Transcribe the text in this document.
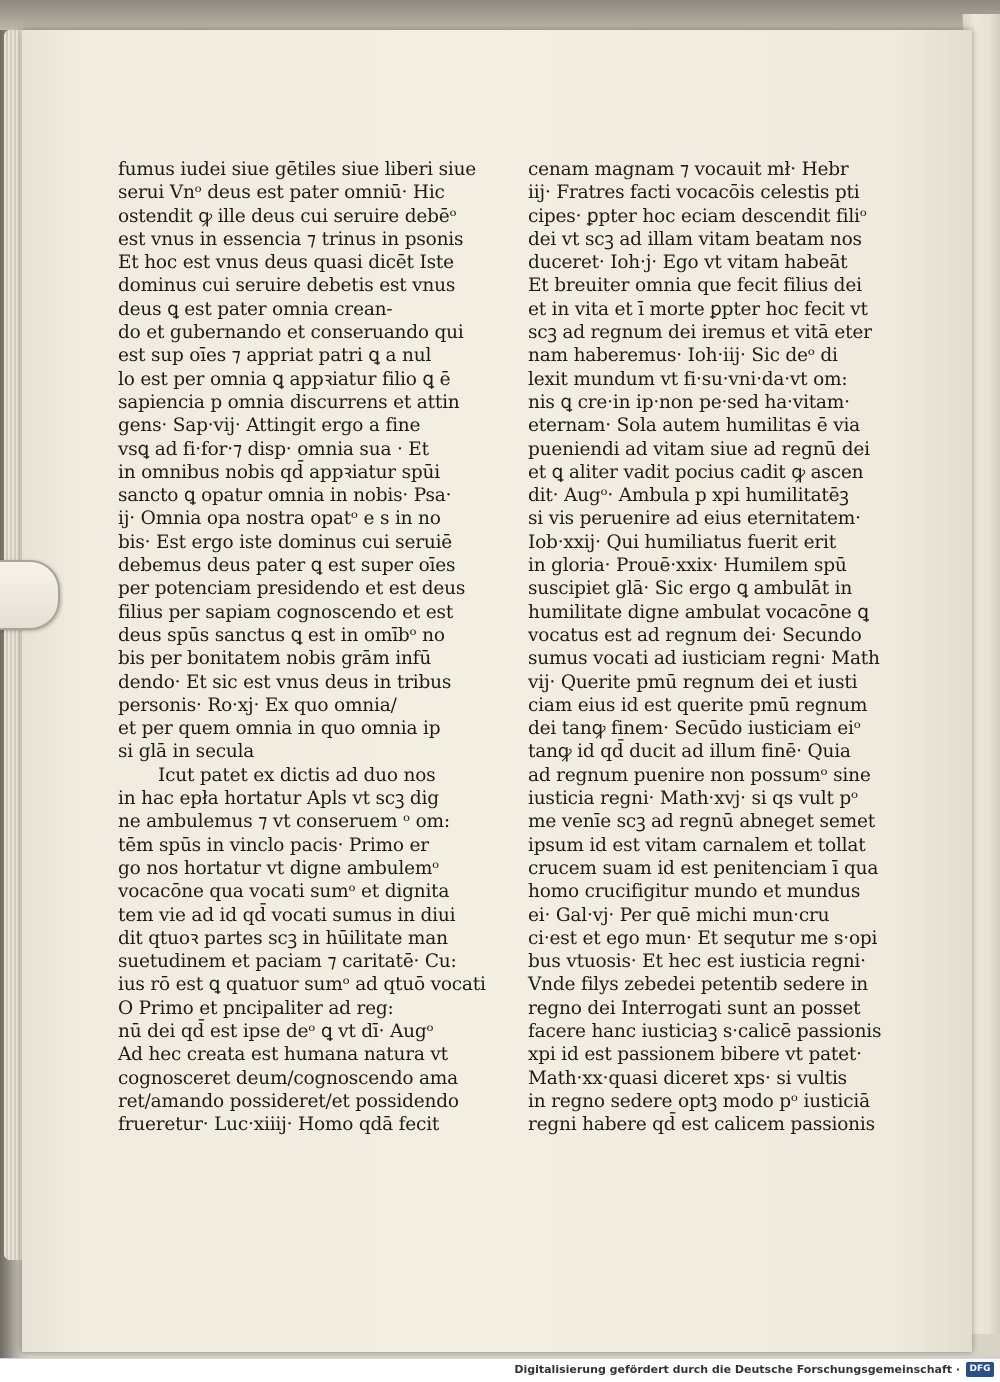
fumus iudei siue gētiles siue liberi siue
serui Vnᵒ deus est pater omniū· Hic
ostendit ꝙ ille deus cui seruire debēᵒ
est vnus in essencia ⁊ trinus in psonis
Et hoc est vnus deus quasi dicēt Iste
dominus cui seruire debetis est vnus
deus ꝗ est pater omnia crean-
do et gubernando et conseruando qui
est sup oīes ⁊ appriat patri ꝗ a nul
lo est per omnia ꝗ appꝛiatur filio ꝗ ē
sapiencia p omnia discurrens et attin
gens· Sap·vij· Attingit ergo a fine
vsꝗ ad fi·for·⁊ disp· omnia sua · Et
in omnibus nobis qd̄ appꝛiatur spūi
sancto ꝗ opatur omnia in nobis· Psa·
ij· Omnia opa nostra opatᵒ e s in no
bis· Est ergo iste dominus cui seruiē
debemus deus pater ꝗ est super oīes
per potenciam presidendo et est deus
filius per sapiam cognoscendo et est
deus spūs sanctus ꝗ est in omībᵒ no
bis per bonitatem nobis grām infū
dendo· Et sic est vnus deus in tribus
personis· Ro·xj· Ex quo omnia/
et per quem omnia in quo omnia ip
si glā in secula
Icut patet ex dictis ad duo nos
in hac epła hortatur Apls vt scꝫ dig
ne ambulemus ⁊ vt conseruem ᵒ om:
tēm spūs in vinclo pacis· Primo er
go nos hortatur vt digne ambulemᵒ
vocacōne qua vocati sumᵒ et dignita
tem vie ad id qd̄ vocati sumus in diui
dit qtuoꝛ partes scꝫ in hūilitate man
suetudinem et paciam ⁊ caritatē· Cu:
ius rō est ꝗ quatuor sumᵒ ad qtuō vocati
O Primo et pncipaliter ad reg:
nū dei qd̄ est ipse deᵒ ꝗ vt dī· Augᵒ
Ad hec creata est humana natura vt
cognosceret deum/cognoscendo ama
ret/amando possideret/et possidendo
frueretur· Luc·xiiij· Homo qdā fecit
cenam magnam ⁊ vocauit mł· Hebr
iij· Fratres facti vocacōis celestis pti
cipes· ꝑpter hoc eciam descendit filiᵒ
dei vt scꝫ ad illam vitam beatam nos
duceret· Ioh·j· Ego vt vitam habeāt
Et breuiter omnia que fecit filius dei
et in vita et ī morte ꝑpter hoc fecit vt
scꝫ ad regnum dei iremus et vitā eter
nam haberemus· Ioh·iij· Sic deᵒ di
lexit mundum vt fi·su·vni·da·vt om:
nis ꝗ cre·in ip·non pe·sed ha·vitam·
eternam· Sola autem humilitas ē via
pueniendi ad vitam siue ad regnū dei
et ꝗ aliter vadit pocius cadit ꝙ ascen
dit· Augᵒ· Ambula p xpi humilitatēꝫ
si vis peruenire ad eius eternitatem·
Iob·xxij· Qui humiliatus fuerit erit
in gloria· Prouē·xxix· Humilem spū
suscipiet glā· Sic ergo ꝗ ambulāt in
humilitate digne ambulat vocacōne ꝗ
vocatus est ad regnum dei· Secundo
sumus vocati ad iusticiam regni· Math
vij· Querite pmū regnum dei et iusti
ciam eius id est querite pmū regnum
dei tanꝙ finem· Secūdo iusticiam eiᵒ
tanꝙ id qd̄ ducit ad illum finē· Quia
ad regnum puenire non possumᵒ sine
iusticia regni· Math·xvj· si qs vult pᵒ
me venīe scꝫ ad regnū abneget semet
ipsum id est vitam carnalem et tollat
crucem suam id est penitenciam ī qua
homo crucifigitur mundo et mundus
ei· Gal·vj· Per quē michi mun·cru
ci·est et ego mun· Et sequtur me s·opi
bus vtuosis· Et hec est iusticia regni·
Vnde filys zebedei petentib sedere in
regno dei Interrogati sunt an posset
facere hanc iusticiaꝫ s·calicē passionis
xpi id est passionem bibere vt patet·
Math·xx·quasi diceret xps· si vultis
in regno sedere optꝫ modo pᵒ iusticiā
regni habere qd̄ est calicem passionis
Digitalisierung gefördert durch die Deutsche Forschungsgemeinschaft ·	DFG
